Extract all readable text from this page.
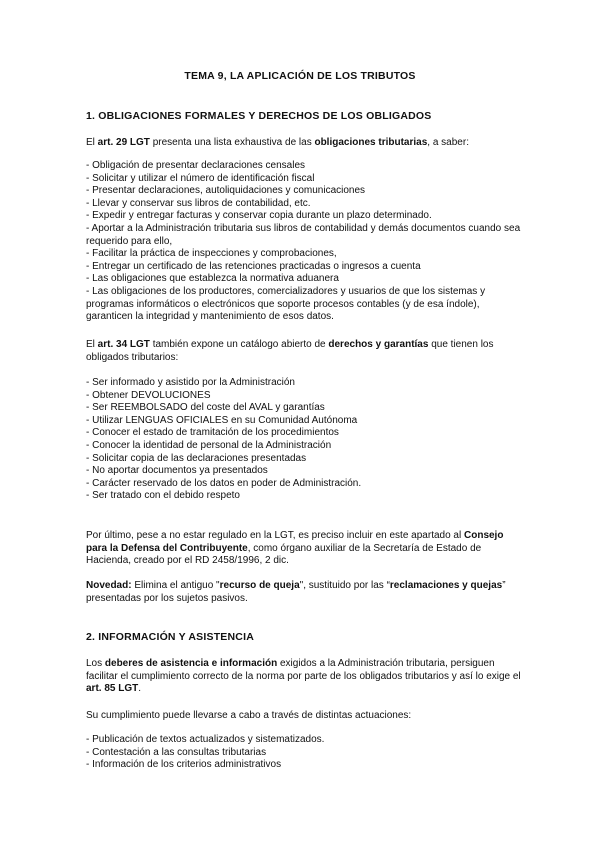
TEMA 9, LA APLICACIÓN DE LOS TRIBUTOS
1. OBLIGACIONES FORMALES Y DERECHOS DE LOS OBLIGADOS
El art. 29 LGT presenta una lista exhaustiva de las obligaciones tributarias, a saber:
- Obligación de presentar declaraciones censales
- Solicitar y utilizar el número de identificación fiscal
- Presentar declaraciones, autoliquidaciones y comunicaciones
- Llevar y conservar sus libros de contabilidad, etc.
- Expedir y entregar facturas y conservar copia durante un plazo determinado.
- Aportar a la Administración tributaria sus libros de contabilidad y demás documentos cuando sea requerido para ello,
- Facilitar la práctica de inspecciones y comprobaciones,
- Entregar un certificado de las retenciones practicadas o ingresos a cuenta
- Las obligaciones que establezca la normativa aduanera
- Las obligaciones de los productores, comercializadores y usuarios de que los sistemas y programas informáticos o electrónicos que soporte procesos contables (y de esa índole), garanticen la integridad y mantenimiento de esos datos.
El art. 34 LGT también expone un catálogo abierto de derechos y garantías que tienen los obligados tributarios:
- Ser informado y asistido por la Administración
- Obtener DEVOLUCIONES
- Ser REEMBOLSADO del coste del AVAL y garantías
- Utilizar LENGUAS OFICIALES en su Comunidad Autónoma
- Conocer el estado de tramitación de los procedimientos
- Conocer la identidad de personal de la Administración
- Solicitar copia de las declaraciones presentadas
- No aportar documentos ya presentados
- Carácter reservado de los datos en poder de Administración.
- Ser tratado con el debido respeto
Por último, pese a no estar regulado en la LGT, es preciso incluir en este apartado al Consejo para la Defensa del Contribuyente, como órgano auxiliar de la Secretaría de Estado de Hacienda, creado por el RD 2458/1996, 2 dic.
Novedad: Elimina el antiguo "recurso de queja", sustituido por las “reclamaciones y quejas” presentadas por los sujetos pasivos.
2. INFORMACIÓN Y ASISTENCIA
Los deberes de asistencia e información exigidos a la Administración tributaria, persiguen facilitar el cumplimiento correcto de la norma por parte de los obligados tributarios y así lo exige el art. 85 LGT.
Su cumplimiento puede llevarse a cabo a través de distintas actuaciones:
- Publicación de textos actualizados y sistematizados.
- Contestación a las consultas tributarias
- Información de los criterios administrativos
